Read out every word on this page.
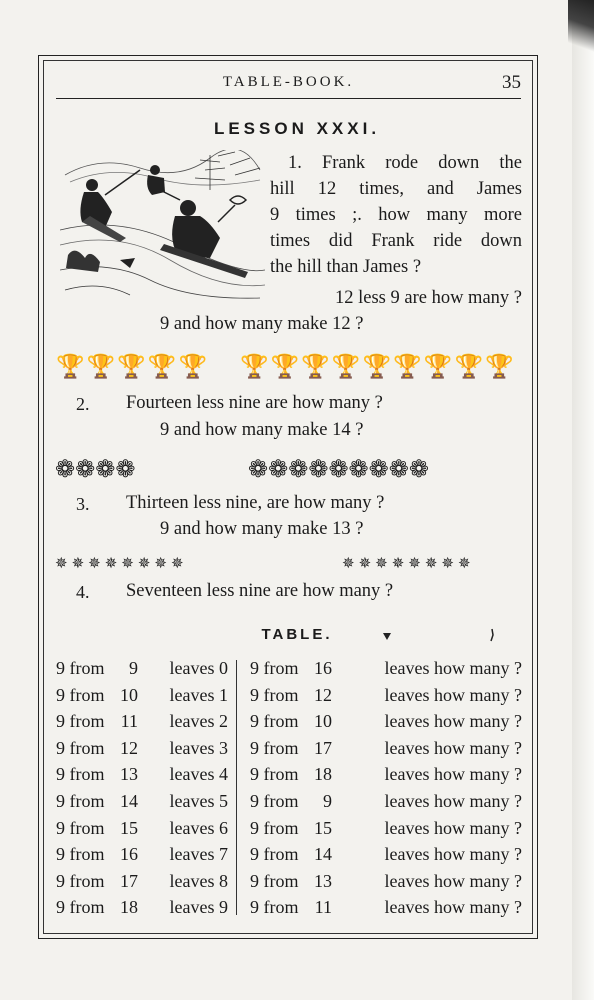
TABLE-BOOK.	35
LESSON XXXI.
1. Frank rode down the
hill 12 times, and James
9 times ;. how many more
times did Frank ride down
the hill than James ?
12 less 9 are how many ?
9 and how many make 12 ?
🏆🏆🏆🏆🏆 🏆🏆🏆🏆🏆🏆🏆🏆🏆
2. Fourteen less nine are how many ?
9 and how many make 14 ?
❁❁❁❁	❁❁❁❁❁❁❁❁❁
3. Thirteen less nine, are how many ?
9 and how many make 13 ?
✵✵✵✵✵✵✵✵	✵✵✵✵✵✵✵✵
4. Seventeen less nine are how many ?
TABLE.
9 from 9 leaves 0
9 from 10 leaves 1
9 from 11 leaves 2
9 from 12 leaves 3
9 from 13 leaves 4
9 from 14 leaves 5
9 from 15 leaves 6
9 from 16 leaves 7
9 from 17 leaves 8
9 from 18 leaves 9
9 from 16	leaves how many ?
9 from 12	leaves how many ?
9 from 10	leaves how many ?
9 from 17	leaves how many ?
9 from 18	leaves how many ?
9 from 9	leaves how many ?
9 from 15	leaves how many ?
9 from 14	leaves how many ?
9 from 13	leaves how many ?
9 from 11	leaves how many ?
